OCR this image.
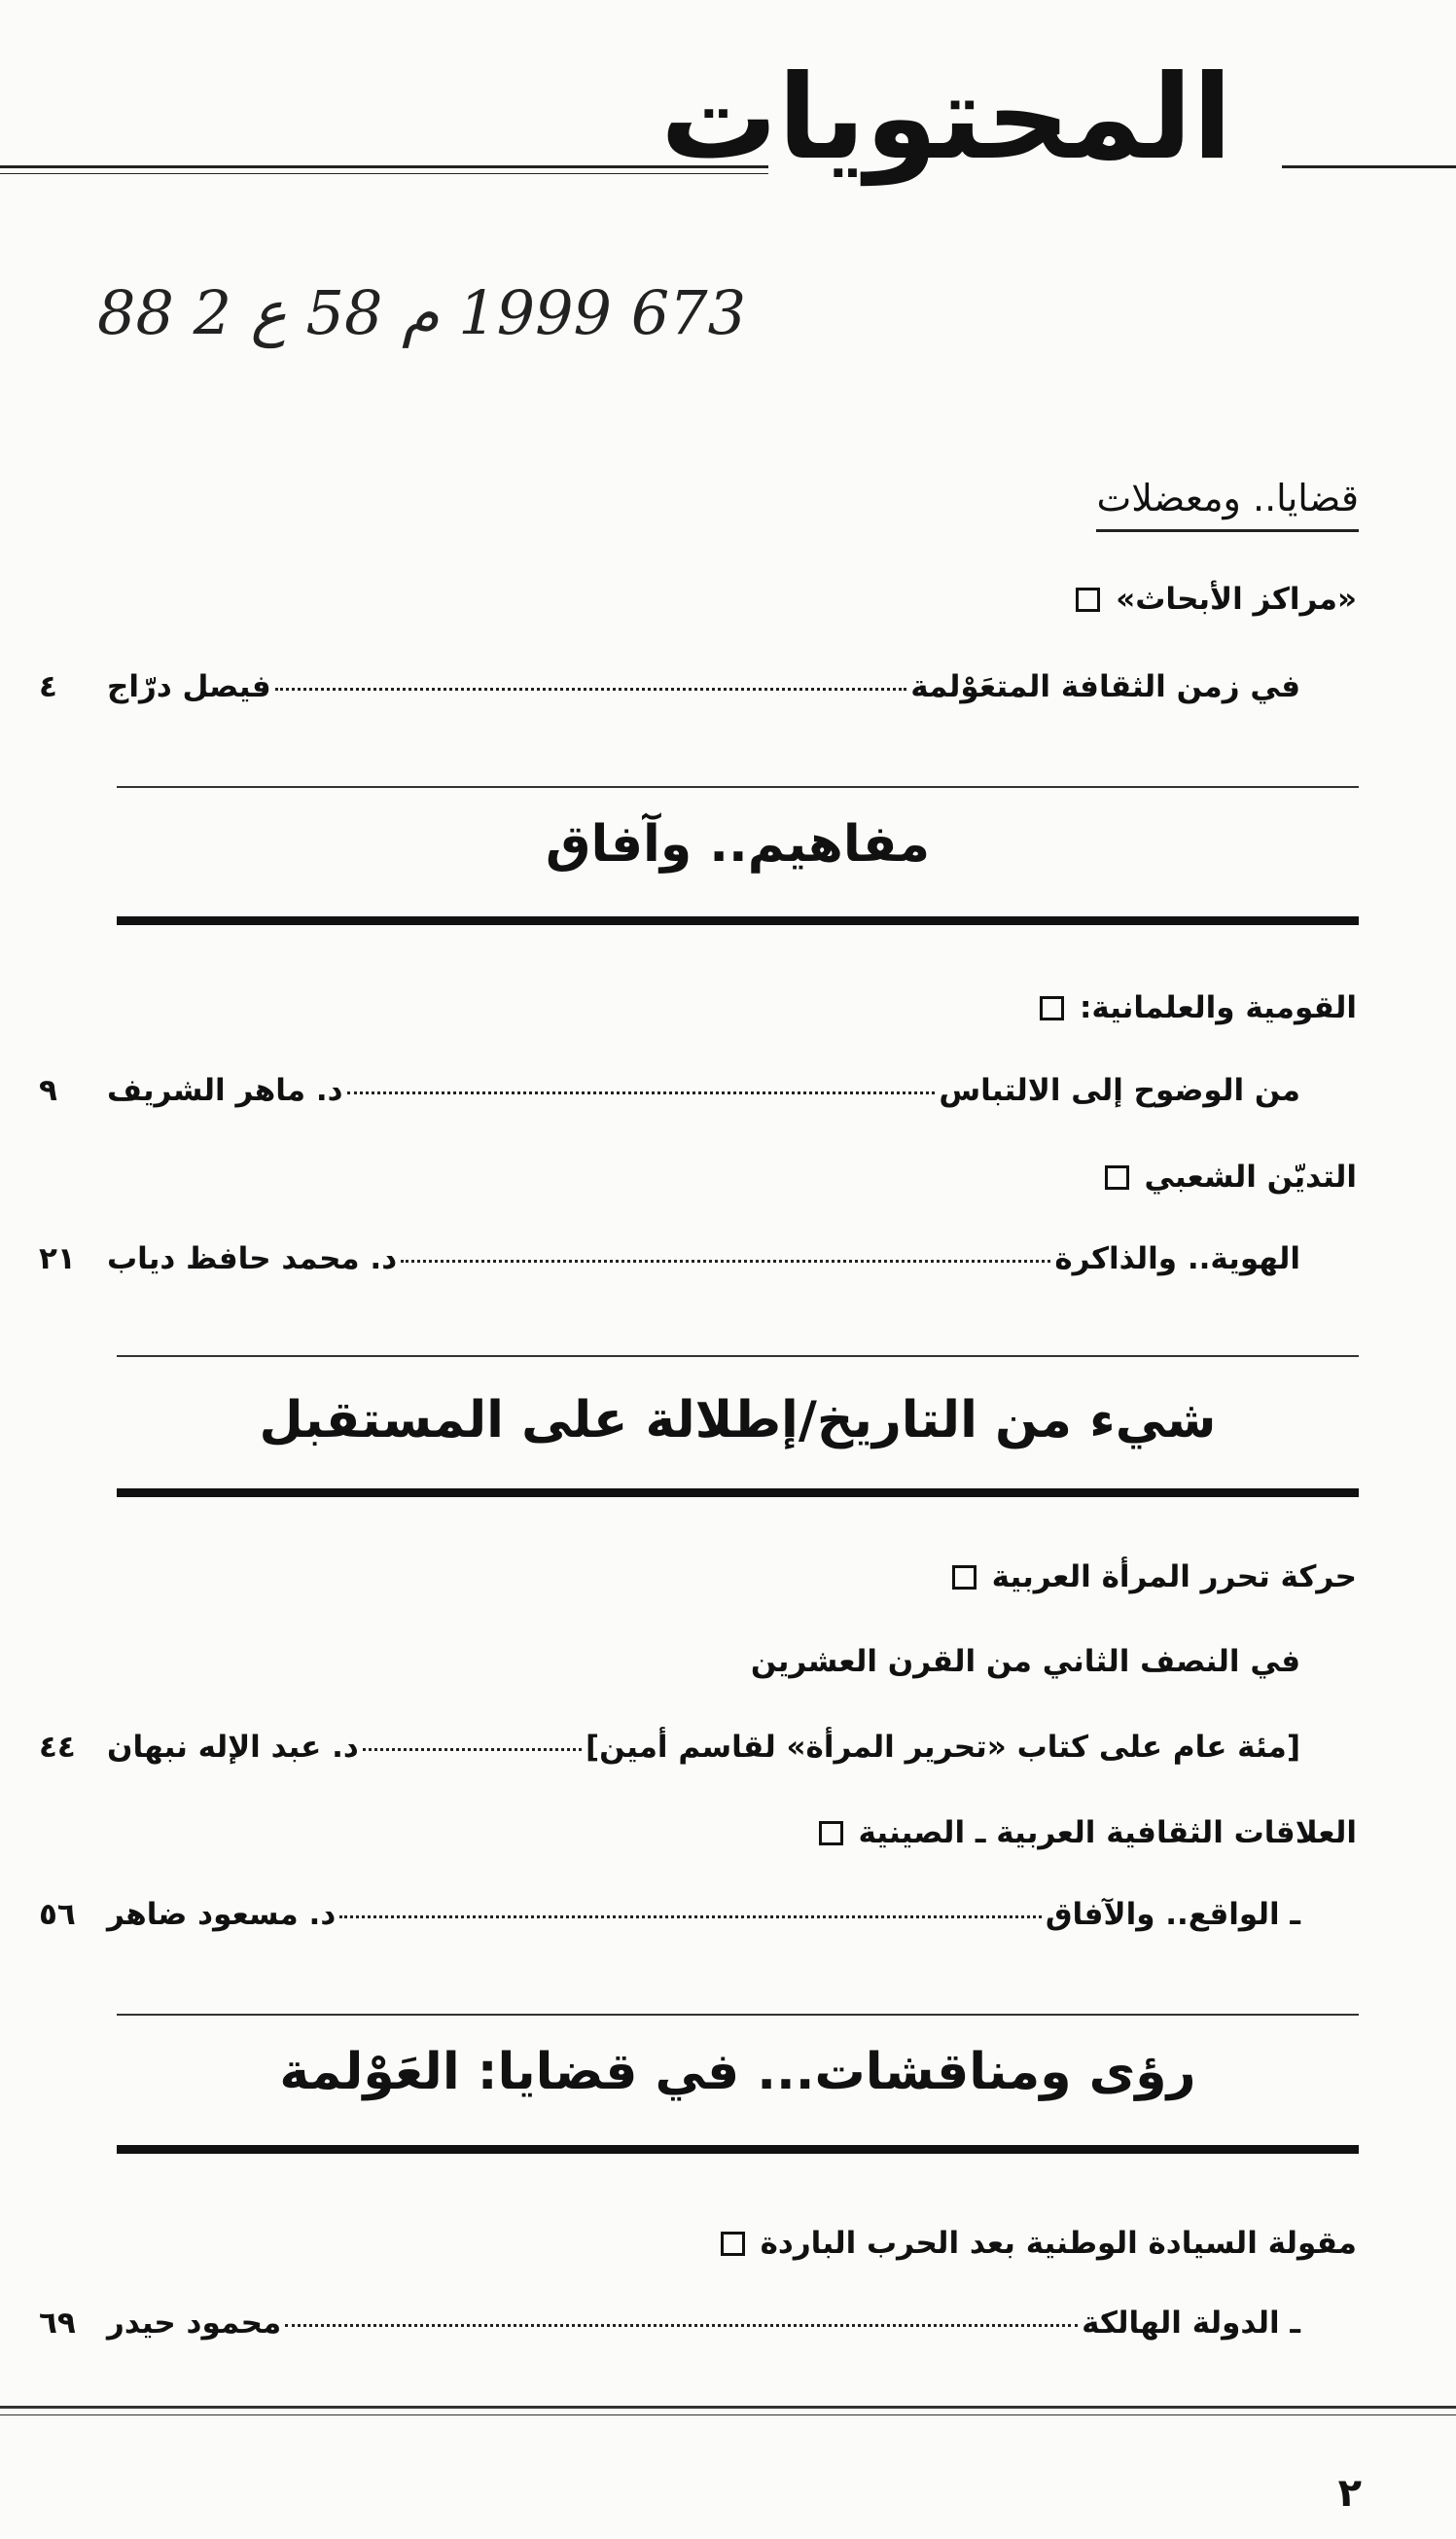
المحتويات
673 1999 م 58 ع 2 88
قضايا.. ومعضلات
«مراكز الأبحاث»
في زمن الثقافة المتعَوْلمة
فيصل درّاج
٤
مفاهيم.. وآفاق
القومية والعلمانية:
من الوضوح إلى الالتباس
د. ماهر الشريف
٩
التديّن الشعبي
الهوية.. والذاكرة
د. محمد حافظ دياب
٢١
شيء من التاريخ/إطلالة على المستقبل
حركة تحرر المرأة العربية
في النصف الثاني من القرن العشرين
[مئة عام على كتاب «تحرير المرأة» لقاسم أمين]
د. عبد الإله نبهان
٤٤
العلاقات الثقافية العربية ـ الصينية
ـ الواقع.. والآفاق
د. مسعود ضاهر
٥٦
رؤى ومناقشات... في قضايا: العَوْلمة
مقولة السيادة الوطنية بعد الحرب الباردة
ـ الدولة الهالكة
محمود حيدر
٦٩
٢
